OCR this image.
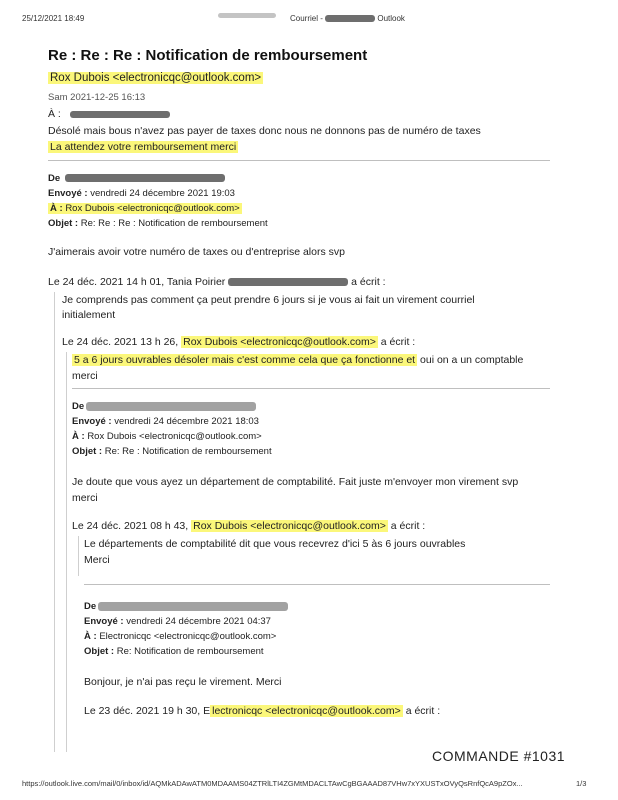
25/12/2021 18:49	Courriel -	Outlook
Re : Re : Re : Notification de remboursement
Rox Dubois <electronicqc@outlook.com>
Sam 2021-12-25 16:13
À :
Désolé mais bous n'avez pas payer de taxes donc nous ne donnons pas de numéro de taxes
La attendez votre remboursement merci
De
Envoyé : vendredi 24 décembre 2021 19:03
À : Rox Dubois <electronicqc@outlook.com>
Objet : Re: Re : Re : Notification de remboursement
J'aimerais avoir votre numéro de taxes ou d'entreprise alors svp
Le 24 déc. 2021 14 h 01, Tania Poirier	a écrit :
Je comprends pas comment ça peut prendre 6 jours si je vous ai fait un virement courriel
initialement
Le 24 déc. 2021 13 h 26, Rox Dubois <electronicqc@outlook.com> a écrit :
5 a 6 jours ouvrables désoler mais c'est comme cela que ça fonctionne et oui on a un comptable
merci
De
Envoyé : vendredi 24 décembre 2021 18:03
À : Rox Dubois <electronicqc@outlook.com>
Objet : Re: Re : Notification de remboursement
Je doute que vous ayez un département de comptabilité. Fait juste m'envoyer mon virement svp
merci
Le 24 déc. 2021 08 h 43, Rox Dubois <electronicqc@outlook.com> a écrit :
Le départements de comptabilité dit que vous recevrez d'ici 5 às 6 jours ouvrables
Merci
De
Envoyé : vendredi 24 décembre 2021 04:37
À : Electronicqc <electronicqc@outlook.com>
Objet : Re: Notification de remboursement
Bonjour, je n'ai pas reçu le virement. Merci
Le 23 déc. 2021 19 h 30, E lectronicqc <electronicqc@outlook.com> a écrit :
COMMANDE #1031
https://outlook.live.com/mail/0/inbox/id/AQMkADAwATM0MDAAMS04ZTRlLTI4ZGMtMDACLTAwCgBGAAAD87VHw7xYXUSTxOVyQsRnfQcA9pZOx...	1/3
